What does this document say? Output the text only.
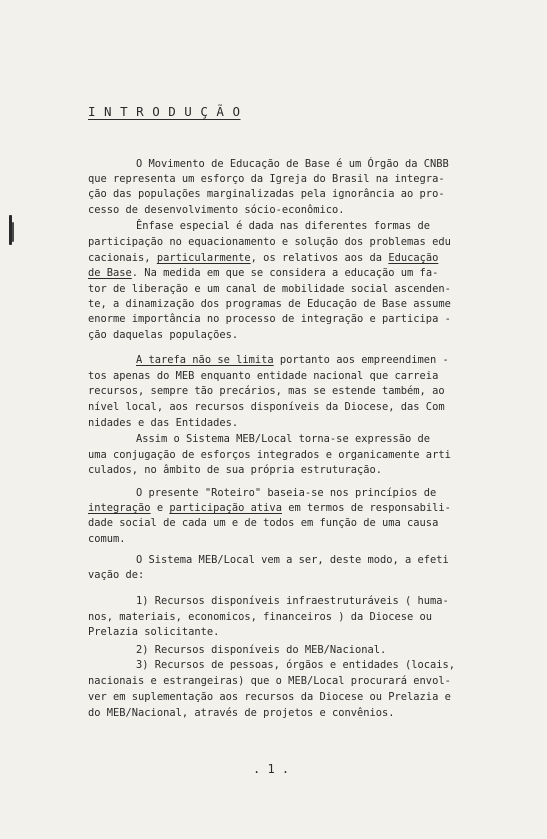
I N T R O D U Ç Ã O
O Movimento de Educação de Base é um Órgão da CNBB
que representa um esforço da Igreja do Brasil na integra-
ção das populações marginalizadas pela ignorância ao pro-
cesso de desenvolvimento sócio-econômico.
Ênfase especial é dada nas diferentes formas de
participação no equacionamento e solução dos problemas edu
cacionais, particularmente, os relativos aos da Educação
de Base. Na medida em que se considera a educação um fa-
tor de liberação e um canal de mobilidade social ascenden-
te, a dinamização dos programas de Educação de Base assume
enorme importância no processo de integração e participa -
ção daquelas populações.
A tarefa não se limita portanto aos empreendimen -
tos apenas do MEB enquanto entidade nacional que carreia
recursos, sempre tão precários, mas se estende também, ao
nível local, aos recursos disponíveis da Diocese, das Com
nidades e das Entidades.
Assim o Sistema MEB/Local torna-se expressão de
uma conjugação de esforços integrados e organicamente arti
culados, no âmbito de sua própria estruturação.
O presente "Roteiro" baseia-se nos princípios de
integração e participação ativa em termos de responsabili-
dade social de cada um e de todos em função de uma causa
comum.
O Sistema MEB/Local vem a ser, deste modo, a efeti
vação de:
1) Recursos disponíveis infraestruturáveis ( huma-
nos, materiais, economicos, financeiros ) da Diocese ou
Prelazia solicitante.
2) Recursos disponíveis do MEB/Nacional.
3) Recursos de pessoas, órgãos e entidades (locais,
nacionais e estrangeiras) que o MEB/Local procurará envol-
ver em suplementação aos recursos da Diocese ou Prelazia e
do MEB/Nacional, através de projetos e convênios.
. 1 .
